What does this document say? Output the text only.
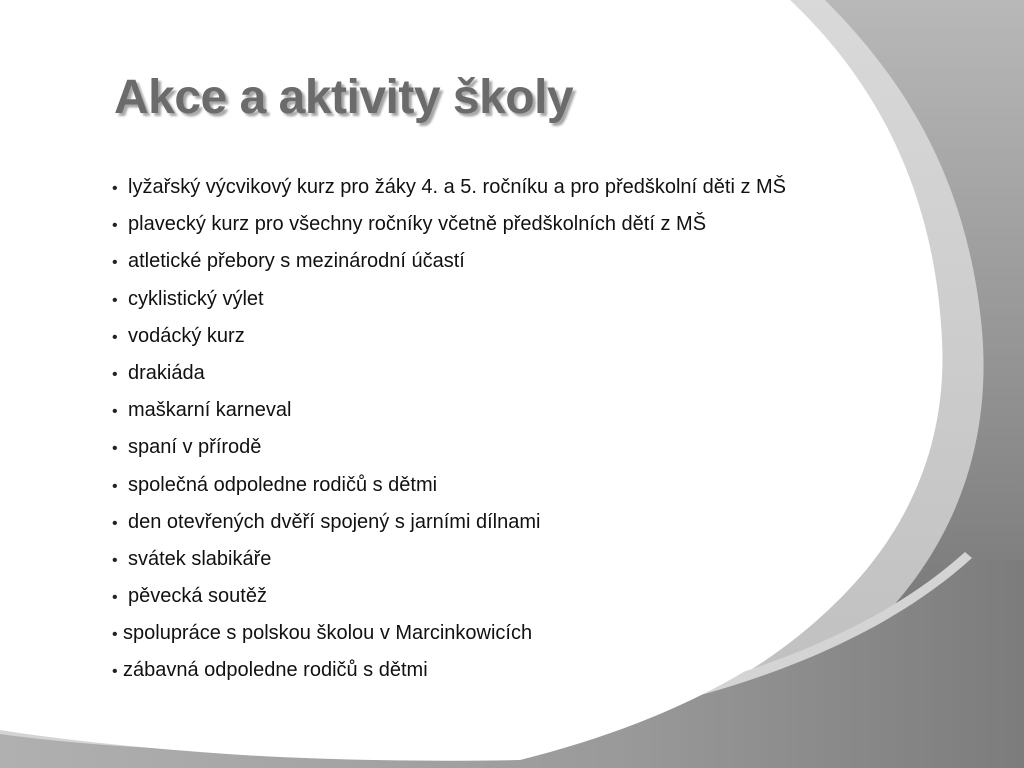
Akce a aktivity školy
• lyžařský výcvikový kurz pro žáky 4. a 5. ročníku a pro předškolní děti z MŠ
• plavecký kurz pro všechny ročníky včetně předškolních dětí z MŠ
• atletické přebory s mezinárodní účastí
• cyklistický výlet
• vodácký kurz
• drakiáda
• maškarní karneval
• spaní v přírodě
• společná odpoledne rodičů s dětmi
• den otevřených dvěří spojený s jarními dílnami
• svátek slabikáře
• pěvecká soutěž
• spolupráce s polskou školou v Marcinkowicích
• zábavná odpoledne rodičů s dětmi
